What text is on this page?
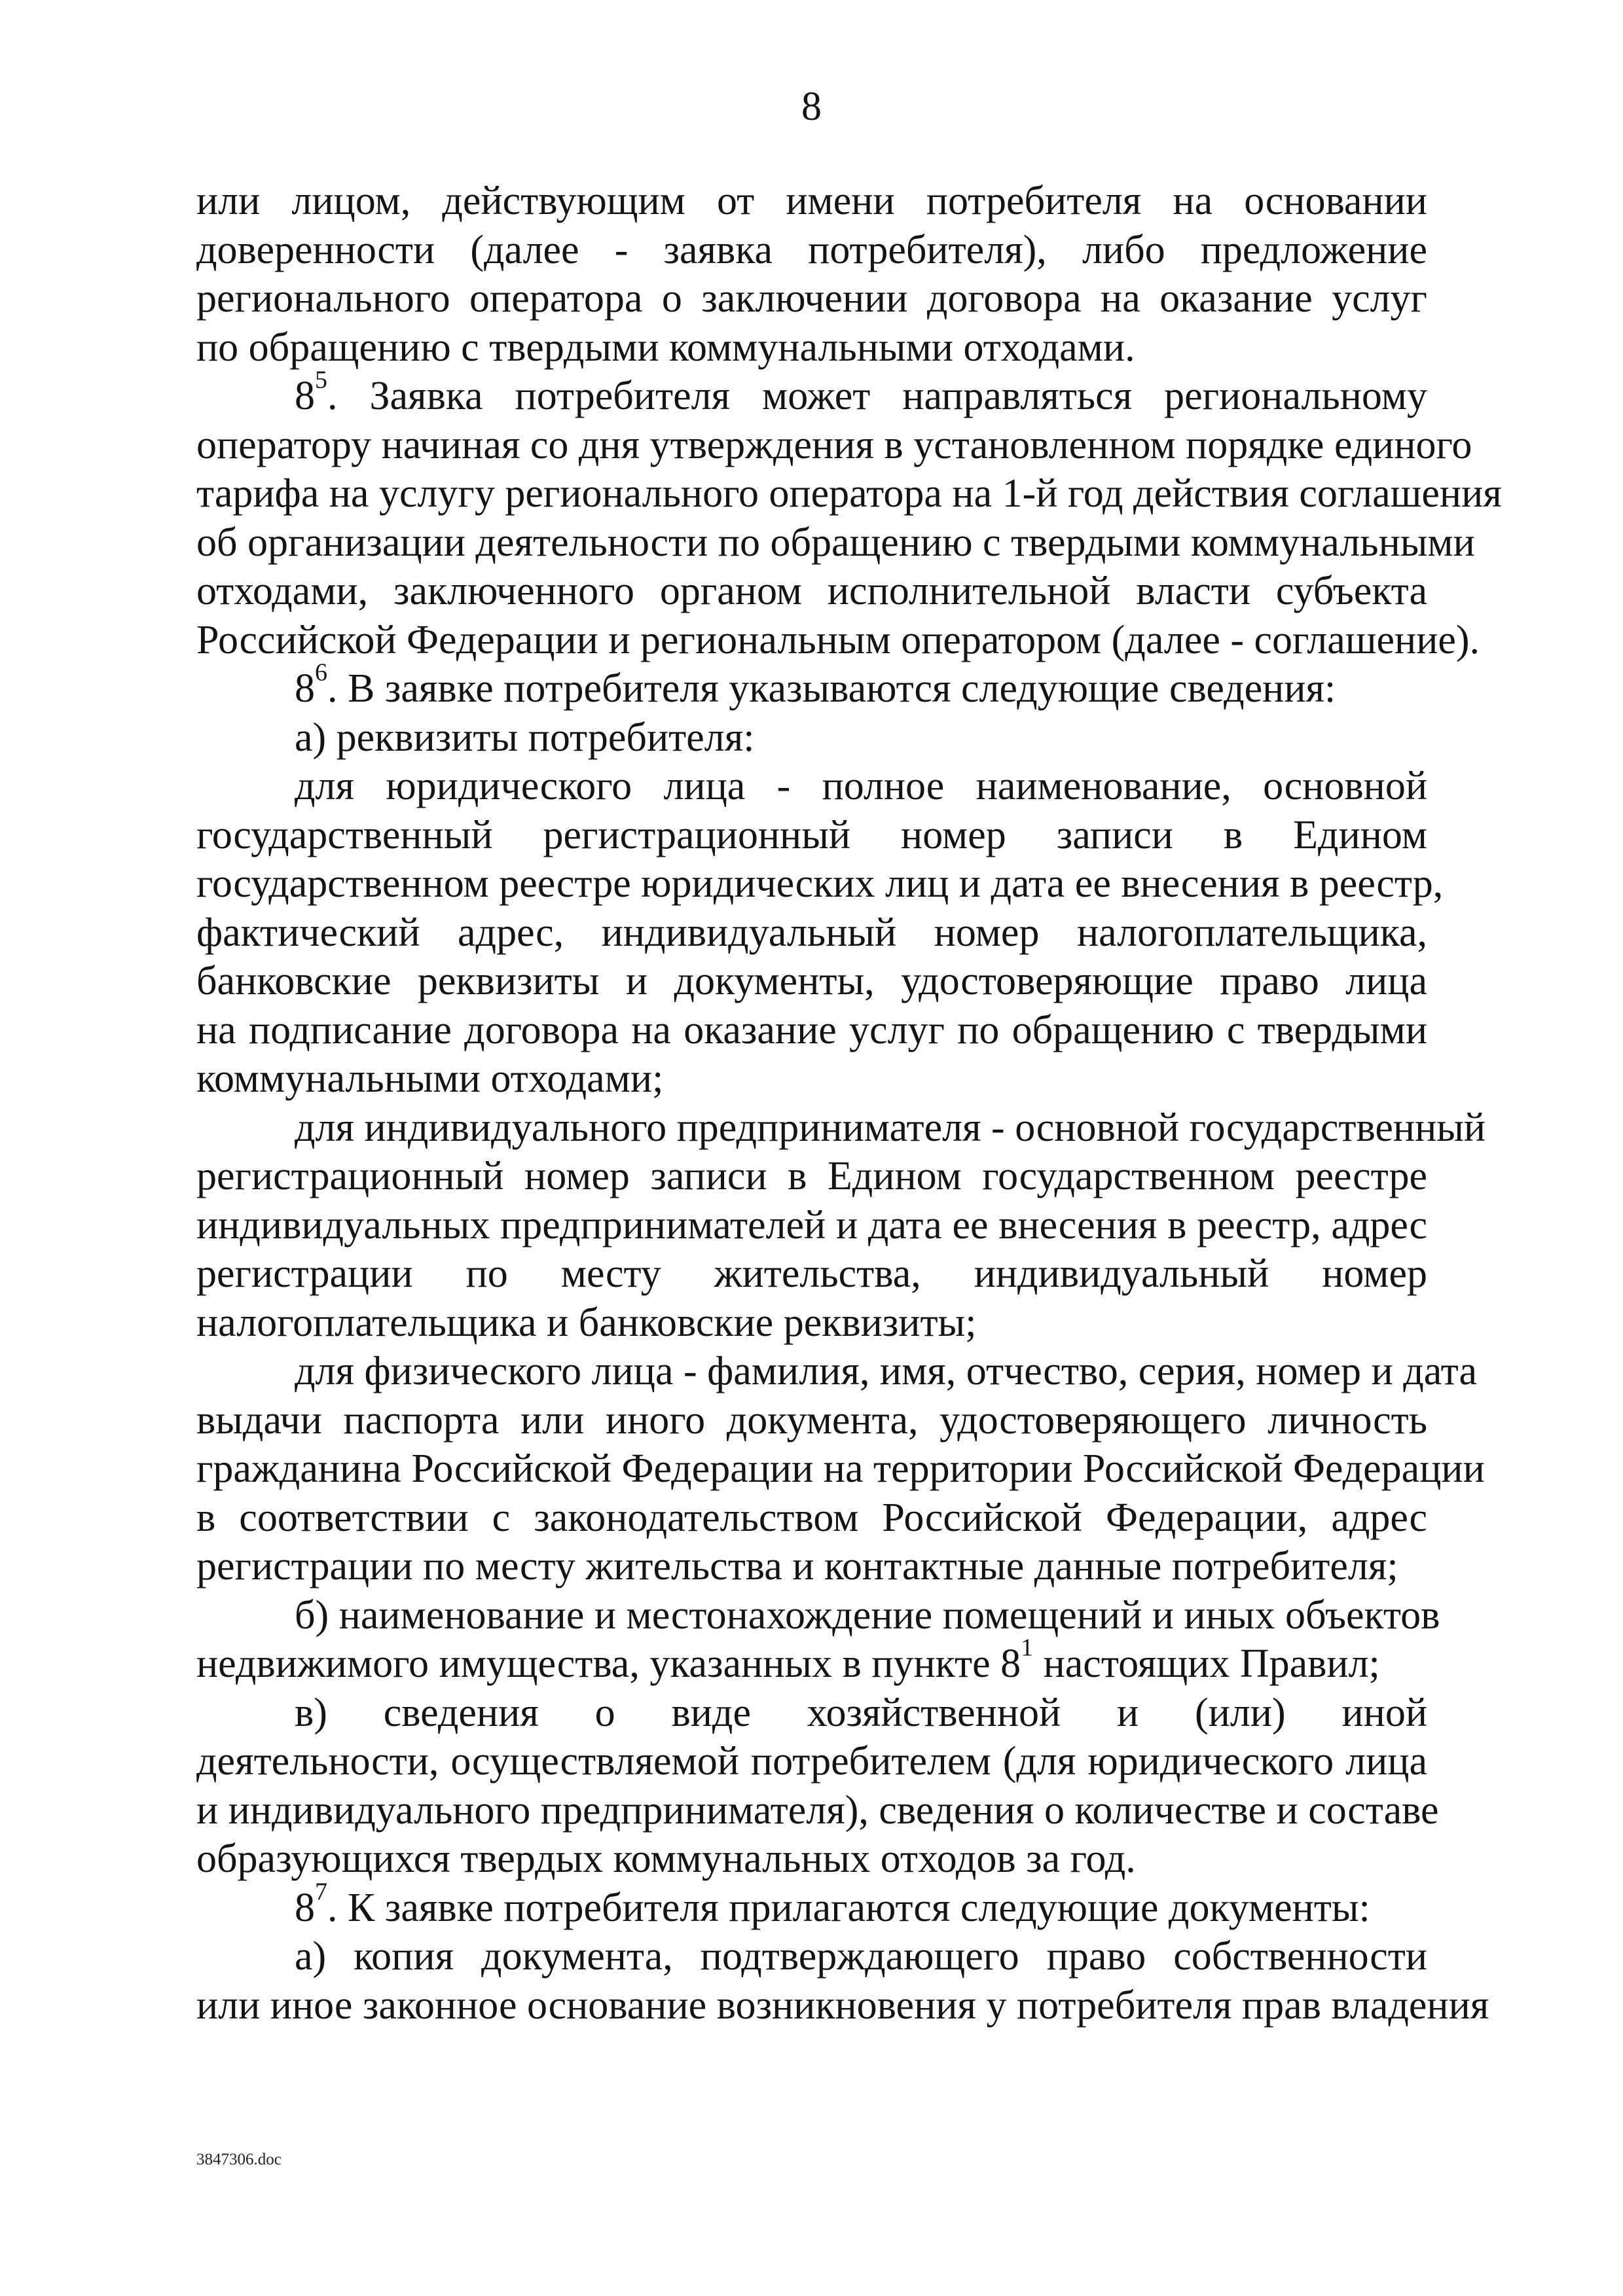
8
или лицом, действующим от имени потребителя на основании
доверенности (далее - заявка потребителя), либо предложение
регионального оператора о заключении договора на оказание услуг
по обращению с твердыми коммунальными отходами.
$8^5$. Заявка потребителя может направляться региональному
оператору начиная со дня утверждения в установленном порядке единого
тарифа на услугу регионального оператора на 1-й год действия соглашения
об организации деятельности по обращению с твердыми коммунальными
отходами, заключенного органом исполнительной власти субъекта
Российской Федерации и региональным оператором (далее - соглашение).
$8^6$. В заявке потребителя указываются следующие сведения:
а) реквизиты потребителя:
для юридического лица - полное наименование, основной
государственный регистрационный номер записи в Едином
государственном реестре юридических лиц и дата ее внесения в реестр,
фактический адрес, индивидуальный номер налогоплательщика,
банковские реквизиты и документы, удостоверяющие право лица
на подписание договора на оказание услуг по обращению с твердыми
коммунальными отходами;
для индивидуального предпринимателя - основной государственный
регистрационный номер записи в Едином государственном реестре
индивидуальных предпринимателей и дата ее внесения в реестр, адрес
регистрации по месту жительства, индивидуальный номер
налогоплательщика и банковские реквизиты;
для физического лица - фамилия, имя, отчество, серия, номер и дата
выдачи паспорта или иного документа, удостоверяющего личность
гражданина Российской Федерации на территории Российской Федерации
в соответствии с законодательством Российской Федерации, адрес
регистрации по месту жительства и контактные данные потребителя;
б) наименование и местонахождение помещений и иных объектов
недвижимого имущества, указанных в пункте $8^1$ настоящих Правил;
в) сведения о виде хозяйственной и (или) иной
деятельности, осуществляемой потребителем (для юридического лица
и индивидуального предпринимателя), сведения о количестве и составе
образующихся твердых коммунальных отходов за год.
$8^7$. К заявке потребителя прилагаются следующие документы:
а) копия документа, подтверждающего право собственности
или иное законное основание возникновения у потребителя прав владения
3847306.doc
